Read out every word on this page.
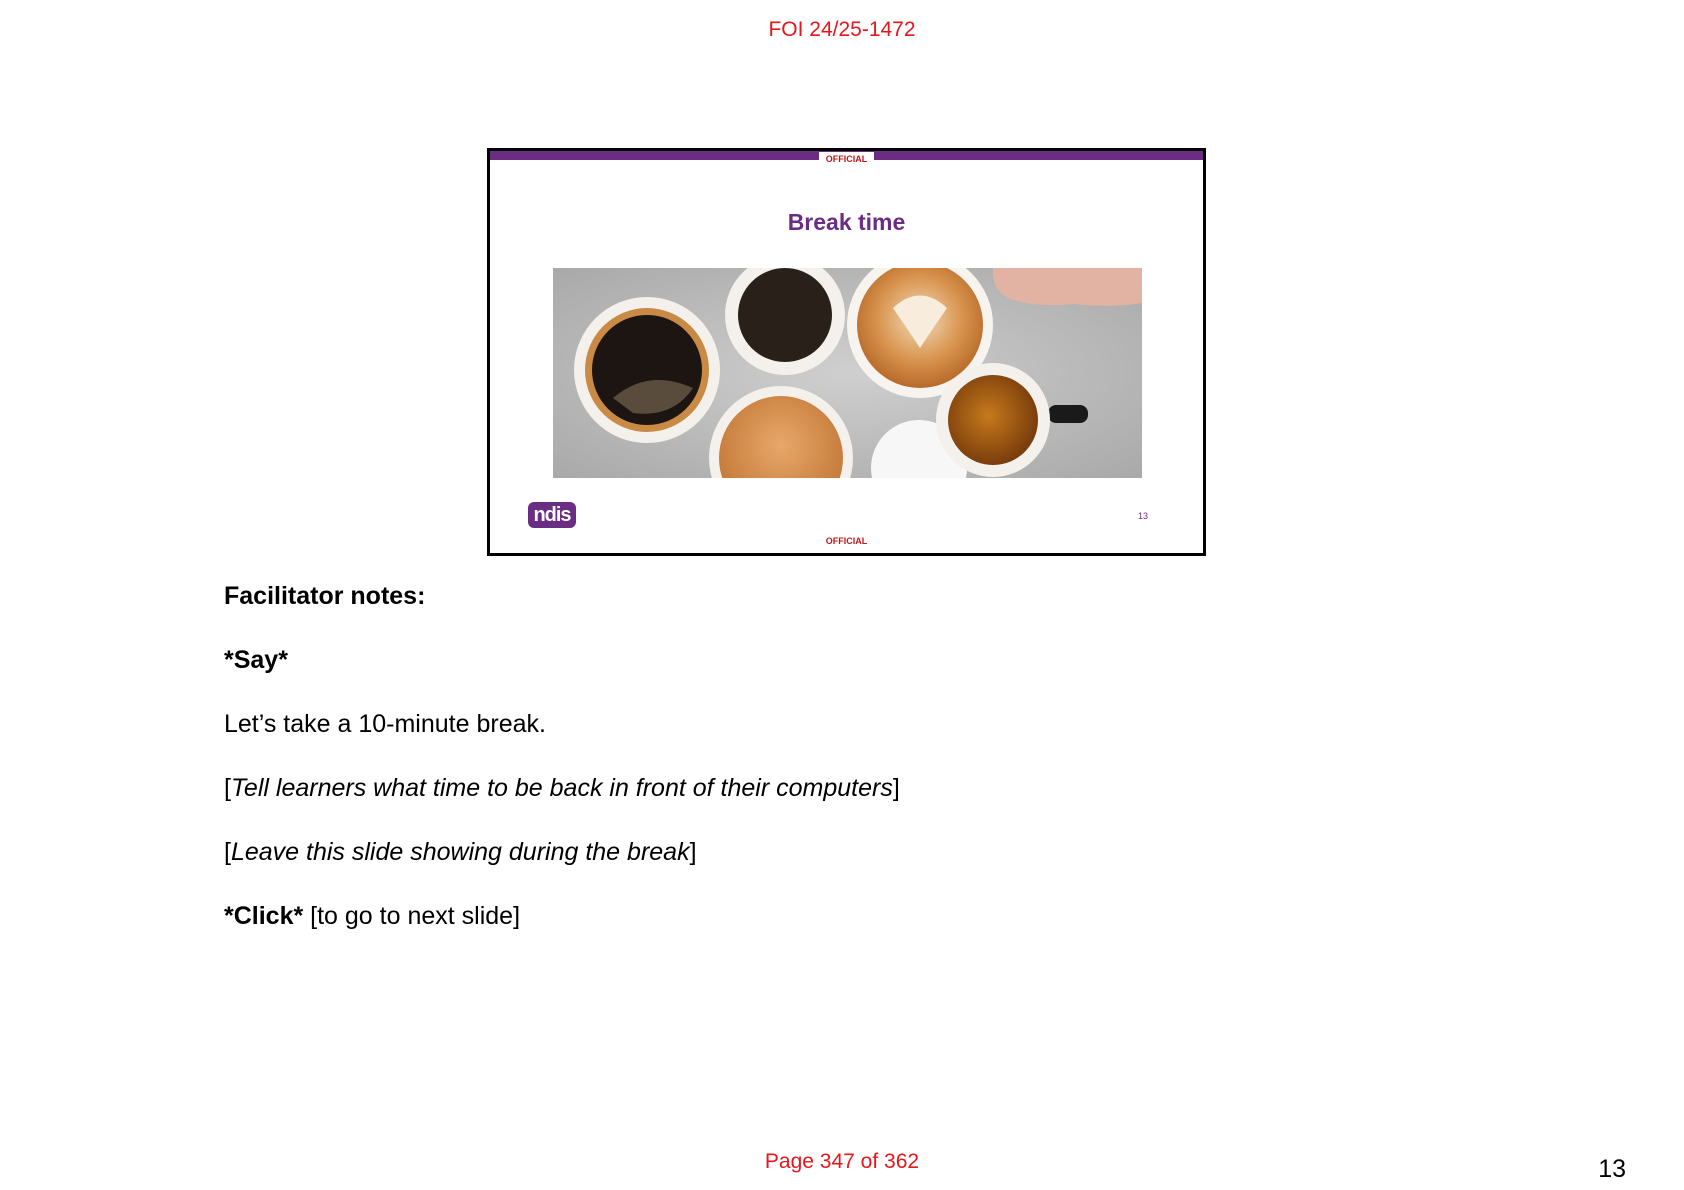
FOI 24/25-1472
OFFICIAL
Break time
ndis	13
OFFICIAL
Facilitator notes:
*Say*
Let’s take a 10-minute break.
[Tell learners what time to be back in front of their computers]
[Leave this slide showing during the break]
*Click* [to go to next slide]
Page 347 of 362	13
